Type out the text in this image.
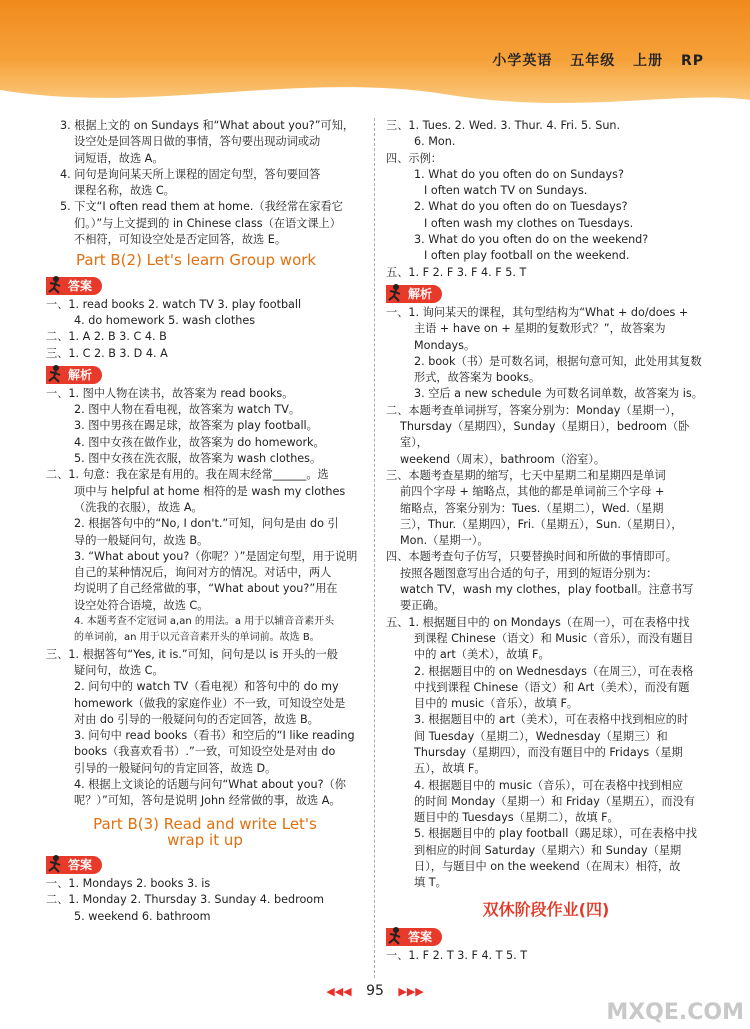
小学英语 五年级 上册 RP

3. 根据上文的 on Sundays 和“What about you?”可知，

设空处是回答周日做的事情，答句要出现动词或动

词短语，故选 A。

4. 问句是询问某天所上课程的固定句型，答句要回答

课程名称，故选 C。

5. 下文“I often read them at home.（我经常在家看它

们。）”与上文提到的 in Chinese class（在语文课上）

不相符，可知设空处是否定回答，故选 E。

Part B(2) Let's learn Group work
答案

一、1. read books 2. watch TV 3. play football

4. do homework 5. wash clothes

二、1. A 2. B 3. C 4. B

三、1. C 2. B 3. D 4. A

解析

一、1. 图中人物在读书，故答案为 read books。

2. 图中人物在看电视，故答案为 watch TV。

3. 图中男孩在踢足球，故答案为 play football。

4. 图中女孩在做作业，故答案为 do homework。

5. 图中女孩在洗衣服，故答案为 wash clothes。

二、1. 句意：我在家是有用的。我在周末经常______。选

项中与 helpful at home 相符的是 wash my clothes

（洗我的衣服），故选 A。

2. 根据答句中的“No, I don't.”可知，问句是由 do 引

导的一般疑问句，故选 B。

3. “What about you?（你呢？）”是固定句型，用于说明

自己的某种情况后，询问对方的情况。对话中，两人

均说明了自己经常做的事，“What about you?”用在

设空处符合语境，故选 C。

4. 本题考查不定冠词 a,an 的用法。a 用于以辅音音素开头

的单词前，an 用于以元音音素开头的单词前。故选 B。

三、1. 根据答句“Yes, it is.”可知，问句是以 is 开头的一般

疑问句，故选 C。

2. 问句中的 watch TV（看电视）和答句中的 do my

homework（做我的家庭作业）不一致，可知设空处是

对由 do 引导的一般疑问句的否定回答，故选 B。

3. 问句中 read books（看书）和空后的“I like reading

books（我喜欢看书）.”一致，可知设空处是对由 do

引导的一般疑问句的肯定回答，故选 D。

4. 根据上文谈论的话题与问句“What about you?（你

呢？）”可知，答句是说明 John 经常做的事，故选 A。

Part B(3) Read and write Let's
wrap it up
答案

一、1. Mondays 2. books 3. is

二、1. Monday 2. Thursday 3. Sunday 4. bedroom

5. weekend 6. bathroom

三、1. Tues. 2. Wed. 3. Thur. 4. Fri. 5. Sun.

6. Mon.

四、示例：

1. What do you often do on Sundays?

I often watch TV on Sundays.

2. What do you often do on Tuesdays?

I often wash my clothes on Tuesdays.

3. What do you often do on the weekend?

I often play football on the weekend.

五、1. F 2. F 3. F 4. F 5. T

解析

一、1. 询问某天的课程，其句型结构为“What + do/does +

主语 + have on + 星期的复数形式？”，故答案为

Mondays。

2. book（书）是可数名词，根据句意可知，此处用其复数

形式，故答案为 books。

3. 空后 a new schedule 为可数名词单数，故答案为 is。

二、本题考查单词拼写，答案分别为：Monday（星期一），

Thursday（星期四），Sunday（星期日），bedroom（卧室），

weekend（周末），bathroom（浴室）。

三、本题考查星期的缩写，七天中星期二和星期四是单词

前四个字母 + 缩略点，其他的都是单词前三个字母 +

缩略点，答案分别为：Tues.（星期二），Wed.（星期

三），Thur.（星期四），Fri.（星期五），Sun.（星期日），

Mon.（星期一）。

四、本题考查句子仿写，只要替换时间和所做的事情即可。

按照各题图意写出合适的句子，用到的短语分别为：

watch TV，wash my clothes，play football。注意书写

要正确。

五、1. 根据题目中的 on Mondays（在周一），可在表格中找

到课程 Chinese（语文）和 Music（音乐），而没有题目

中的 art（美术），故填 F。

2. 根据题目中的 on Wednesdays（在周三），可在表格

中找到课程 Chinese（语文）和 Art（美术），而没有题

目中的 music（音乐），故填 F。

3. 根据题目中的 art（美术），可在表格中找到相应的时

间 Tuesday（星期二），Wednesday（星期三）和

Thursday（星期四），而没有题目中的 Fridays（星期

五），故填 F。

4. 根据题目中的 music（音乐），可在表格中找到相应

的时间 Monday（星期一）和 Friday（星期五），而没有

题目中的 Tuesdays（星期二），故填 F。

5. 根据题目中的 play football（踢足球），可在表格中找

到相应的时间 Saturday（星期六）和 Sunday（星期

日），与题目中 on the weekend（在周末）相符，故

填 T。

双休阶段作业(四)
答案

一、1. F 2. T 3. F 4. T 5. T

◀◀◀ 95 ▶▶▶
MXQE.COM
